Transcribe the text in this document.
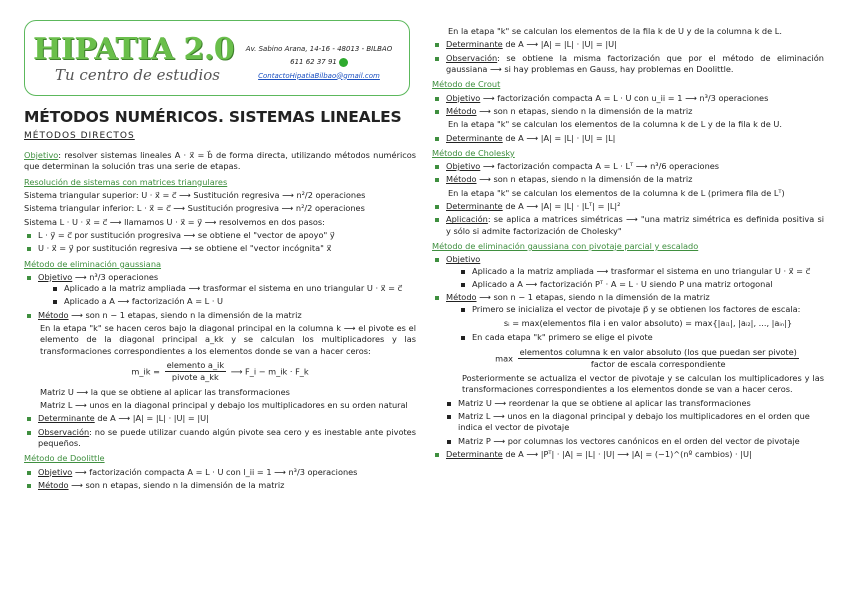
HIPATIA 2.0
Tu centro de estudios
Av. Sabino Arana, 14-16 - 48013 - BILBAO
611 62 37 91
ContactoHipatiaBilbao@gmail.com
MÉTODOS NUMÉRICOS. SISTEMAS LINEALES
MÉTODOS DIRECTOS

Objetivo: resolver sistemas lineales A · x⃗ = b⃗ de forma directa, utilizando métodos numéricos que determinan la solución tras una serie de etapas.

Resolución de sistemas con matrices triangulares

Sistema triangular superior: U · x⃗ = c⃗ ⟶ Sustitución regresiva ⟶ n²/2 operaciones

Sistema triangular inferior: L · x⃗ = c⃗ ⟶ Sustitución progresiva ⟶ n²/2 operaciones

Sistema L · U · x⃗ = c⃗ ⟶ llamamos U · x⃗ = y⃗ ⟶ resolvemos en dos pasos:

L · y⃗ = c⃗ por sustitución progresiva ⟶ se obtiene el "vector de apoyo" y⃗
U · x⃗ = y⃗ por sustitución regresiva ⟶ se obtiene el "vector incógnita" x⃗

Método de eliminación gaussiana

Objetivo ⟶ n³/3 operaciones
Aplicado a la matriz ampliada ⟶ trasformar el sistema en uno triangular U · x⃗ = c⃗
Aplicado a A ⟶ factorización A = L · U
Método ⟶ son n − 1 etapas, siendo n la dimensión de la matriz

En la etapa "k" se hacen ceros bajo la diagonal principal en la columna k ⟶ el pivote es el elemento de la diagonal principal a_kk y se calculan los multiplicadores y las transformaciones correspondientes a los elementos donde se van a hacer ceros:

m_ik = $\frac{\text{elemento a\_ik}}{\text{pivote a\_kk}}$ ⟶ F_i − m_ik · F_k

Matriz U ⟶ la que se obtiene al aplicar las transformaciones

Matriz L ⟶ unos en la diagonal principal y debajo los multiplicadores en su orden natural

Determinante de A ⟶ |A| = |L| · |U| = |U|
Observación: no se puede utilizar cuando algún pivote sea cero y es inestable ante pivotes pequeños.

Método de Doolittle

Objetivo ⟶ factorización compacta A = L · U con l_ii = 1 ⟶ n³/3 operaciones
Método ⟶ son n etapas, siendo n la dimensión de la matriz

En la etapa "k" se calculan los elementos de la fila k de U y de la columna k de L.

Determinante de A ⟶ |A| = |L| · |U| = |U|
Observación: se obtiene la misma factorización que por el método de eliminación gaussiana ⟶ si hay problemas en Gauss, hay problemas en Doolittle.

Método de Crout

Objetivo ⟶ factorización compacta A = L · U con u_ii = 1 ⟶ n³/3 operaciones
Método ⟶ son n etapas, siendo n la dimensión de la matriz

En la etapa "k" se calculan los elementos de la columna k de L y de la fila k de U.

Determinante de A ⟶ |A| = |L| · |U| = |L|

Método de Cholesky

Objetivo ⟶ factorización compacta A = L · Lᵀ ⟶ n³/6 operaciones
Método ⟶ son n etapas, siendo n la dimensión de la matriz

En la etapa "k" se calculan los elementos de la columna k de L (primera fila de Lᵀ)

Determinante de A ⟶ |A| = |L| · |Lᵀ| = |L|²
Aplicación: se aplica a matrices simétricas ⟶ "una matriz simétrica es definida positiva si y sólo si admite factorización de Cholesky"

Método de eliminación gaussiana con pivotaje parcial y escalado

Objetivo
Aplicado a la matriz ampliada ⟶ trasformar el sistema en uno triangular U · x⃗ = c⃗
Aplicado a A ⟶ factorización Pᵀ · A = L · U siendo P una matriz ortogonal
Método ⟶ son n − 1 etapas, siendo n la dimensión de la matriz
Primero se inicializa el vector de pivotaje p⃗ y se obtienen los factores de escala:
sᵢ = max(elementos fila i en valor absoluto) = max{|aᵢ₁|, |aᵢ₂|, ..., |aᵢₙ|}
En cada etapa "k" primero se elige el pivote
max
elementos columna k en valor absoluto (los que puedan ser pivote)
factor de escala correspondiente

Posteriormente se actualiza el vector de pivotaje y se calculan los multiplicadores y las transformaciones correspondientes a los elementos donde se van a hacer ceros.

Matriz U ⟶ reordenar la que se obtiene al aplicar las transformaciones
Matriz L ⟶ unos en la diagonal principal y debajo los multiplicadores en el orden que indica el vector de pivotaje
Matriz P ⟶ por columnas los vectores canónicos en el orden del vector de pivotaje
Determinante de A ⟶ |Pᵀ| · |A| = |L| · |U| ⟶ |A| = (−1)^(nº cambios) · |U|
